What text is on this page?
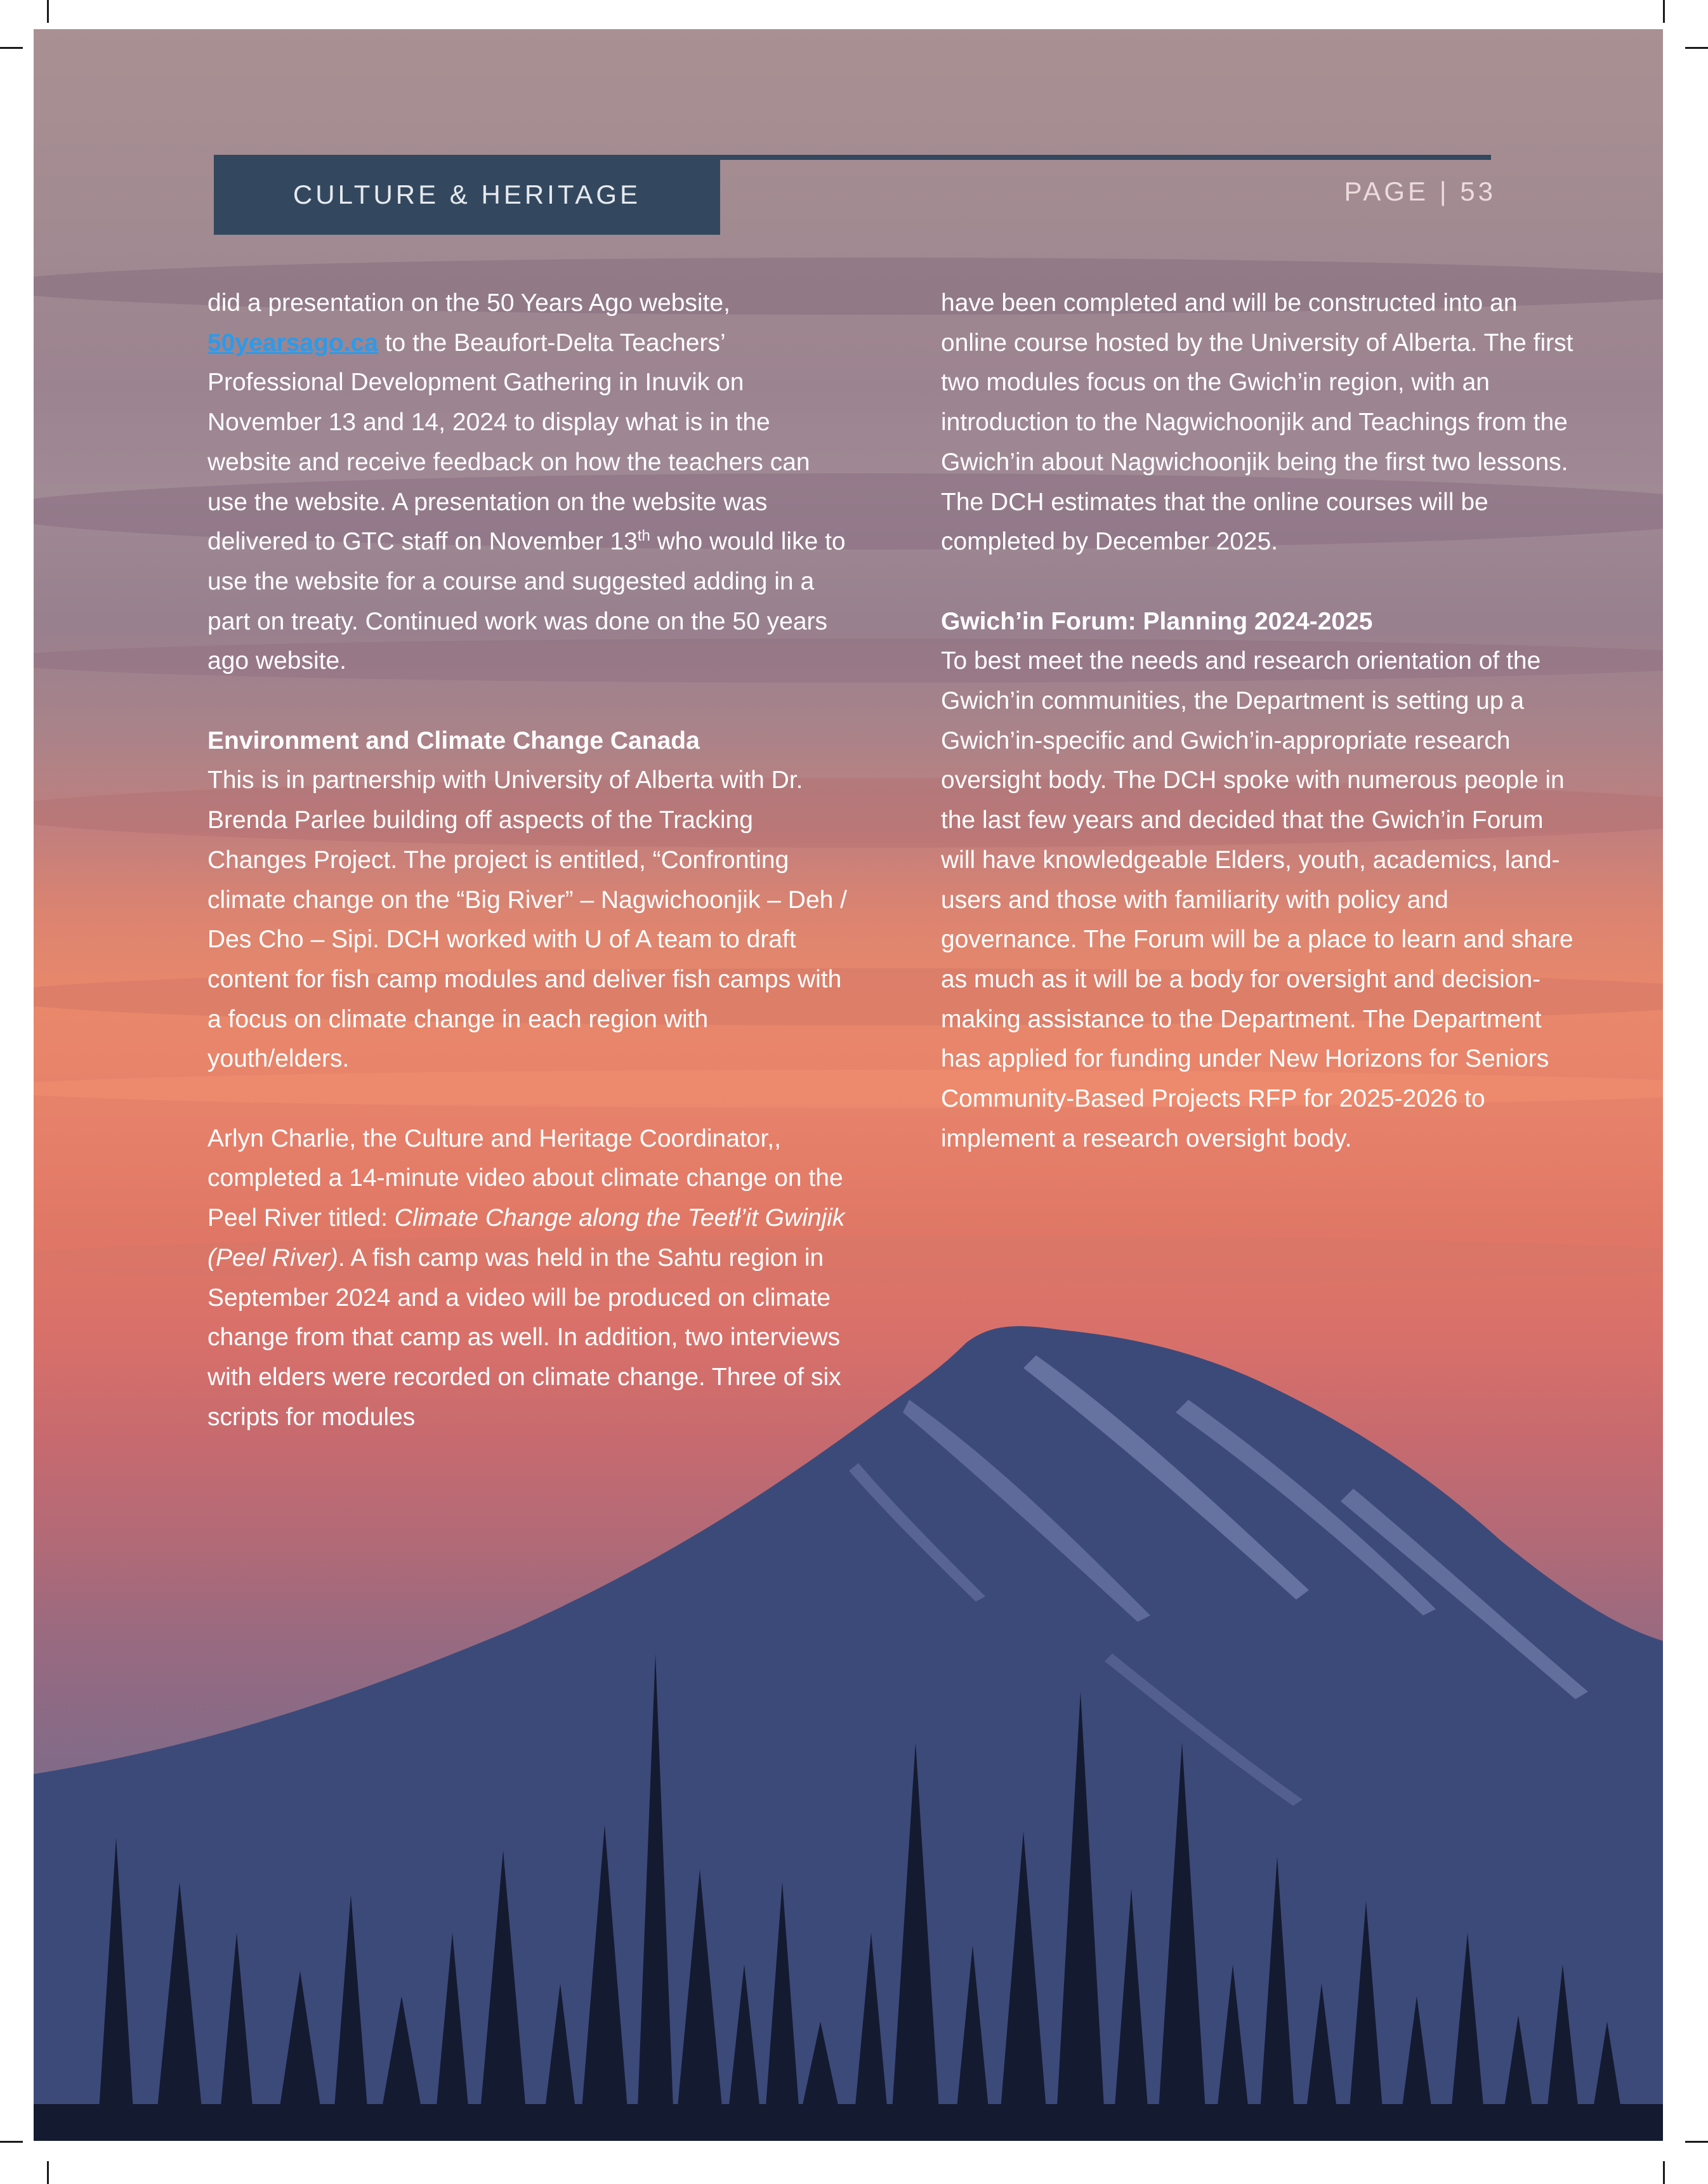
CULTURE & HERITAGE	PAGE | 53

did a presentation on the 50 Years Ago website, 50yearsago.ca to the Beaufort-Delta Teachers’ Professional Development Gathering in Inuvik on November 13 and 14, 2024 to display what is in the website and receive feedback on how the teachers can use the website. A presentation on the website was delivered to GTC staff on November 13th who would like to use the website for a course and suggested adding in a part on treaty. Continued work was done on the 50 years ago website.

Environment and Climate Change Canada

This is in partnership with University of Alberta with Dr. Brenda Parlee building off aspects of the Tracking Changes Project. The project is entitled, “Confronting climate change on the “Big River” – Nagwichoonjik – Deh / Des Cho – Sipi. DCH worked with U of A team to draft content for fish camp modules and deliver fish camps with a focus on climate change in each region with youth/elders.

Arlyn Charlie, the Culture and Heritage Coordinator,, completed a 14-minute video about climate change on the Peel River titled: Climate Change along the Teetł’it Gwinjik (Peel River). A fish camp was held in the Sahtu region in September 2024 and a video will be produced on climate change from that camp as well. In addition, two interviews with elders were recorded on climate change. Three of six scripts for modules

have been completed and will be constructed into an online course hosted by the University of Alberta. The first two modules focus on the Gwich’in region, with an introduction to the Nagwichoonjik and Teachings from the Gwich’in about Nagwichoonjik being the first two lessons. The DCH estimates that the online courses will be completed by December 2025.

Gwich’in Forum: Planning 2024-2025

To best meet the needs and research orientation of the Gwich’in communities, the Department is setting up a Gwich’in-specific and Gwich’in-appropriate research oversight body. The DCH spoke with numerous people in the last few years and decided that the Gwich’in Forum will have knowledgeable Elders, youth, academics, land-users and those with familiarity with policy and governance. The Forum will be a place to learn and share as much as it will be a body for oversight and decision-making assistance to the Department. The Department has applied for funding under New Horizons for Seniors Community-Based Projects RFP for 2025-2026 to implement a research oversight body.
